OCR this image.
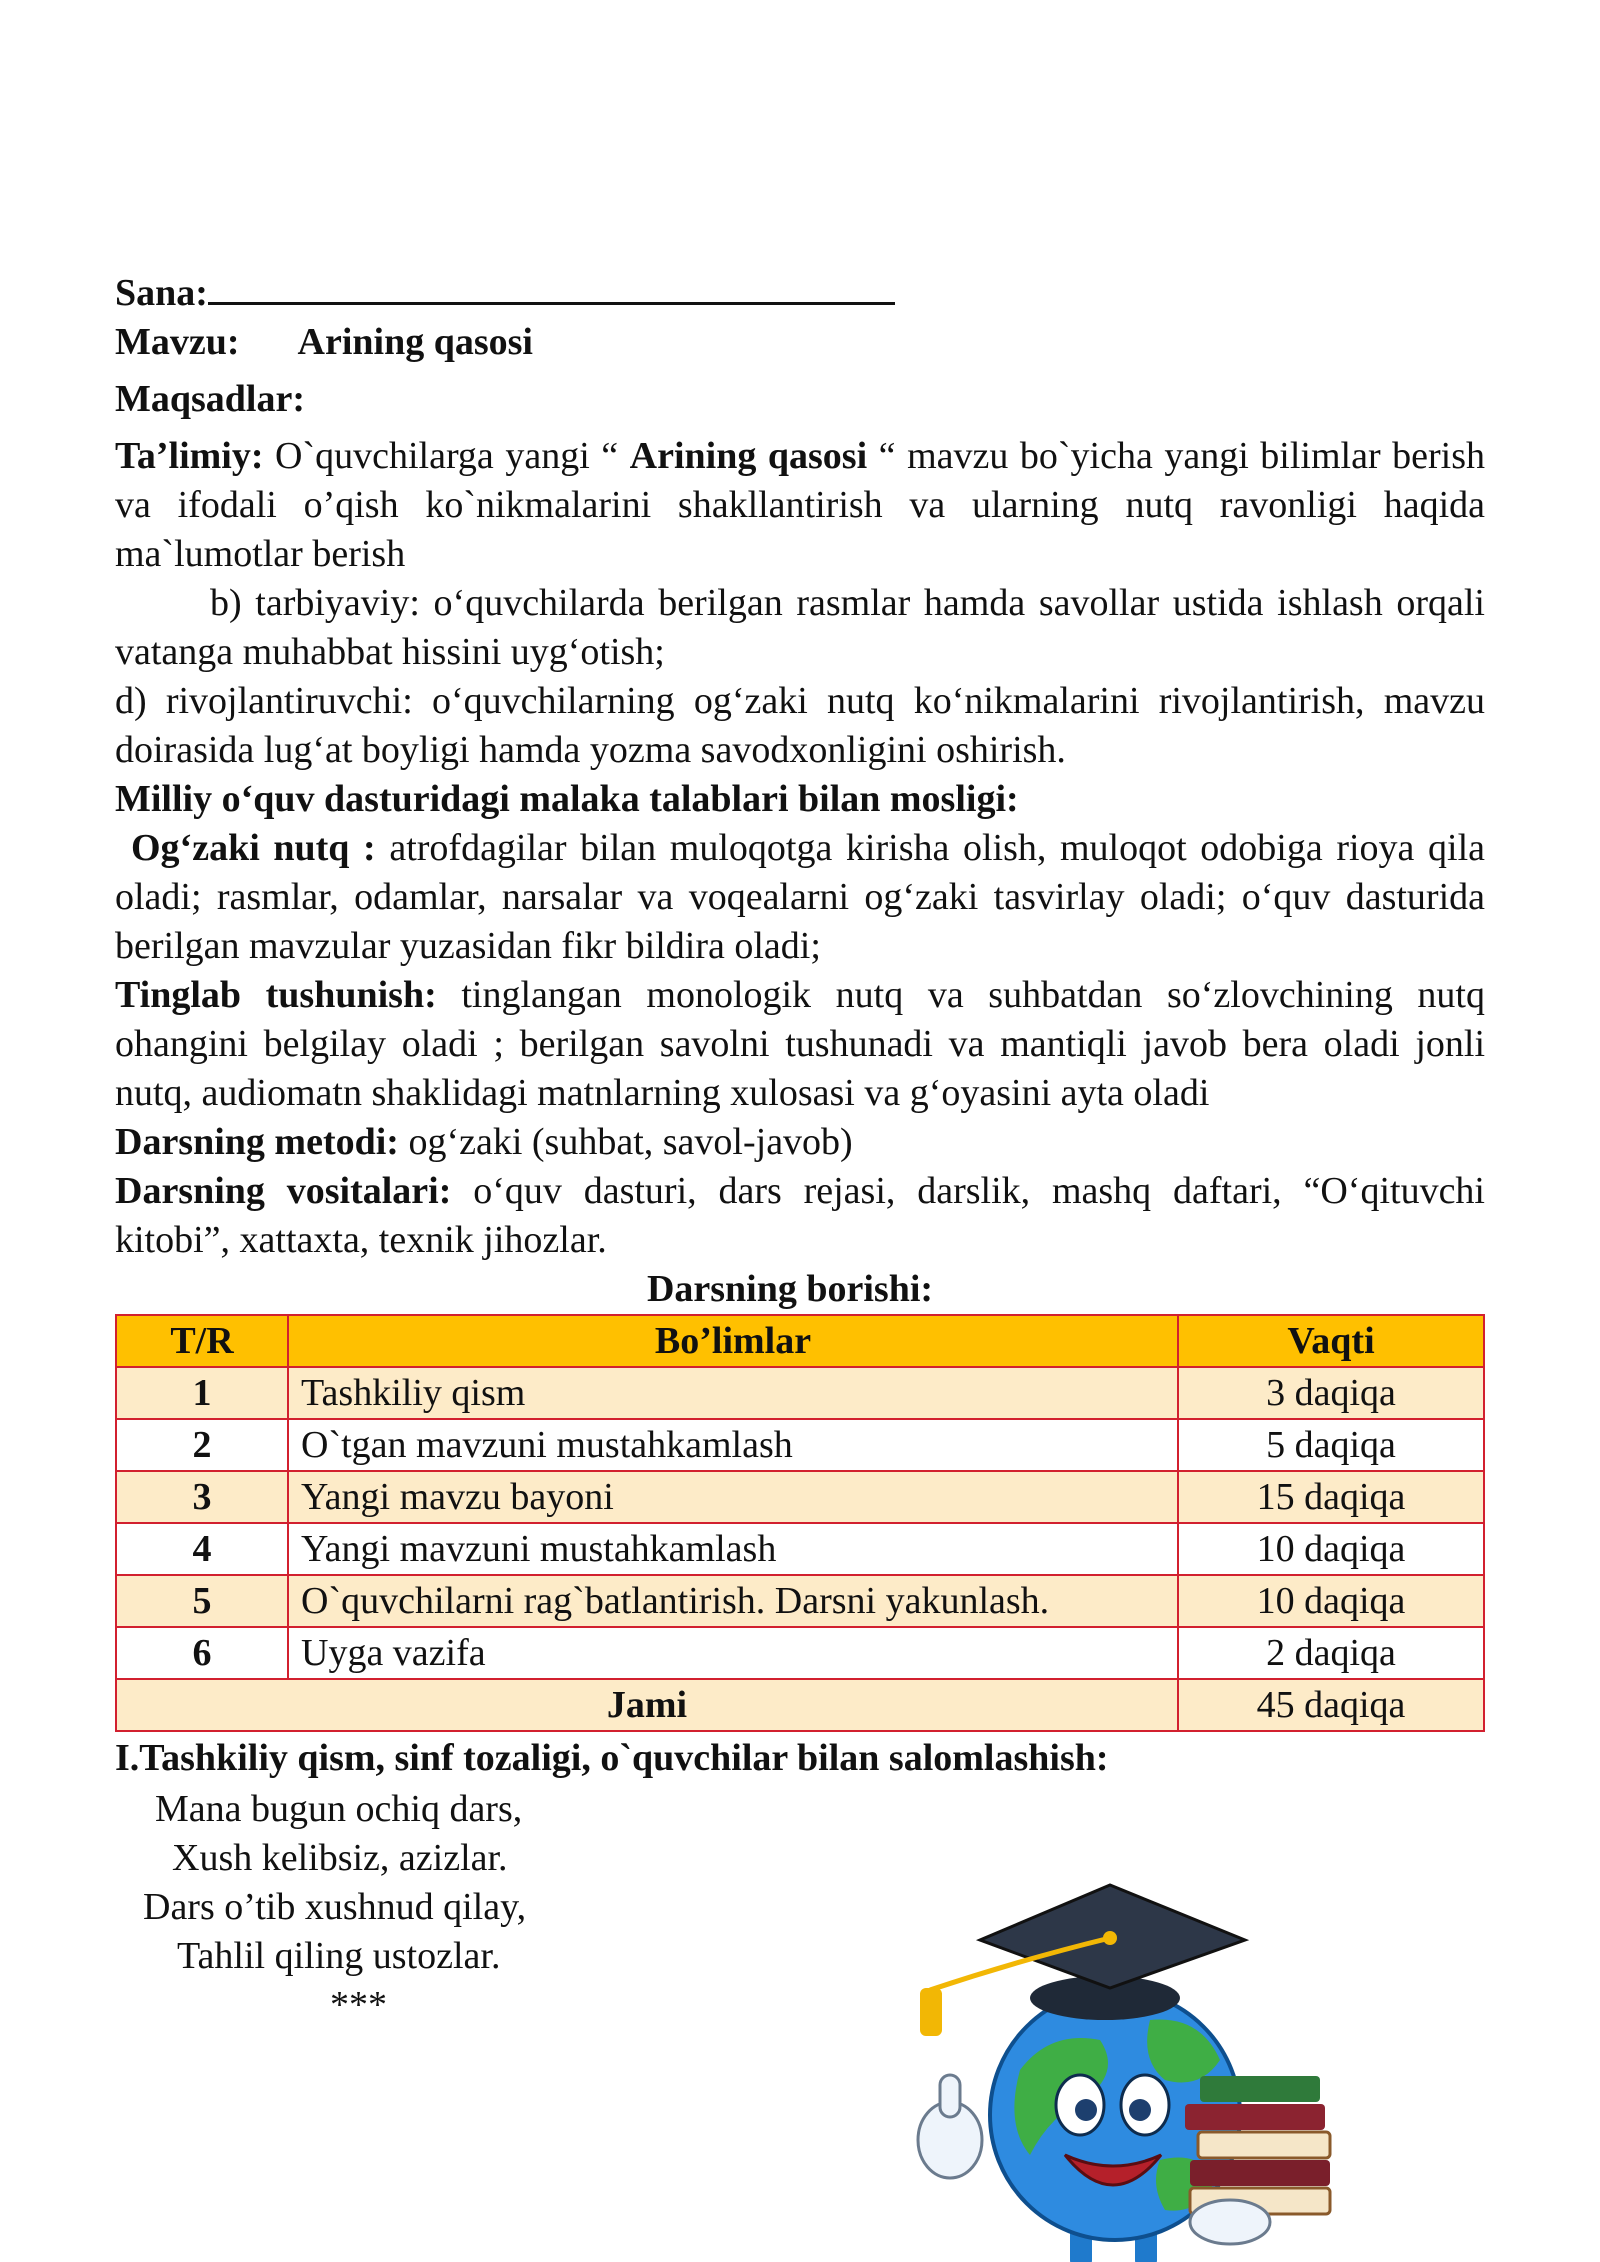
Sana:
Mavzu: Arining qasosi
Maqsadlar:
Ta’limiy: O`quvchilarga yangi “ Arining qasosi “ mavzu bo`yicha yangi bilimlar berish va ifodali o’qish ko`nikmalarini shakllantirish va ularning nutq ravonligi haqida ma`lumotlar berish
b) tarbiyaviy: o‘quvchilarda berilgan rasmlar hamda savollar ustida ishlash orqali vatanga muhabbat hissini uyg‘otish;
d) rivojlantiruvchi: o‘quvchilarning og‘zaki nutq ko‘nikmalarini rivojlantirish, mavzu doirasida lug‘at boyligi hamda yozma savodxonligini oshirish.
Milliy o‘quv dasturidagi malaka talablari bilan mosligi:
Og‘zaki nutq : atrofdagilar bilan muloqotga kirisha olish, muloqot odobiga rioya qila oladi; rasmlar, odamlar, narsalar va voqealarni og‘zaki tasvirlay oladi; o‘quv dasturida berilgan mavzular yuzasidan fikr bildira oladi;
Tinglab tushunish: tinglangan monologik nutq va suhbatdan so‘zlovchining nutq ohangini belgilay oladi ; berilgan savolni tushunadi va mantiqli javob bera oladi jonli nutq, audiomatn shaklidagi matnlarning xulosasi va g‘oyasini ayta oladi
Darsning metodi: og‘zaki (suhbat, savol-javob)
Darsning vositalari: o‘quv dasturi, dars rejasi, darslik, mashq daftari, “O‘qituvchi kitobi”, xattaxta, texnik jihozlar.
Darsning borishi:
T/R	Bo’limlar	Vaqti
1	Tashkiliy qism	3 daqiqa
2	O`tgan mavzuni mustahkamlash	5 daqiqa
3	Yangi mavzu bayoni	15 daqiqa
4	Yangi mavzuni mustahkamlash	10 daqiqa
5	O`quvchilarni rag`batlantirish. Darsni yakunlash.	10 daqiqa
6	Uyga vazifa	2 daqiqa
Jami		45 daqiqa
I.Tashkiliy qism, sinf tozaligi, o`quvchilar bilan salomlashish:
Mana bugun ochiq dars,
Xush kelibsiz, azizlar.
Dars o’tib xushnud qilay,
Tahlil qiling ustozlar.
***
